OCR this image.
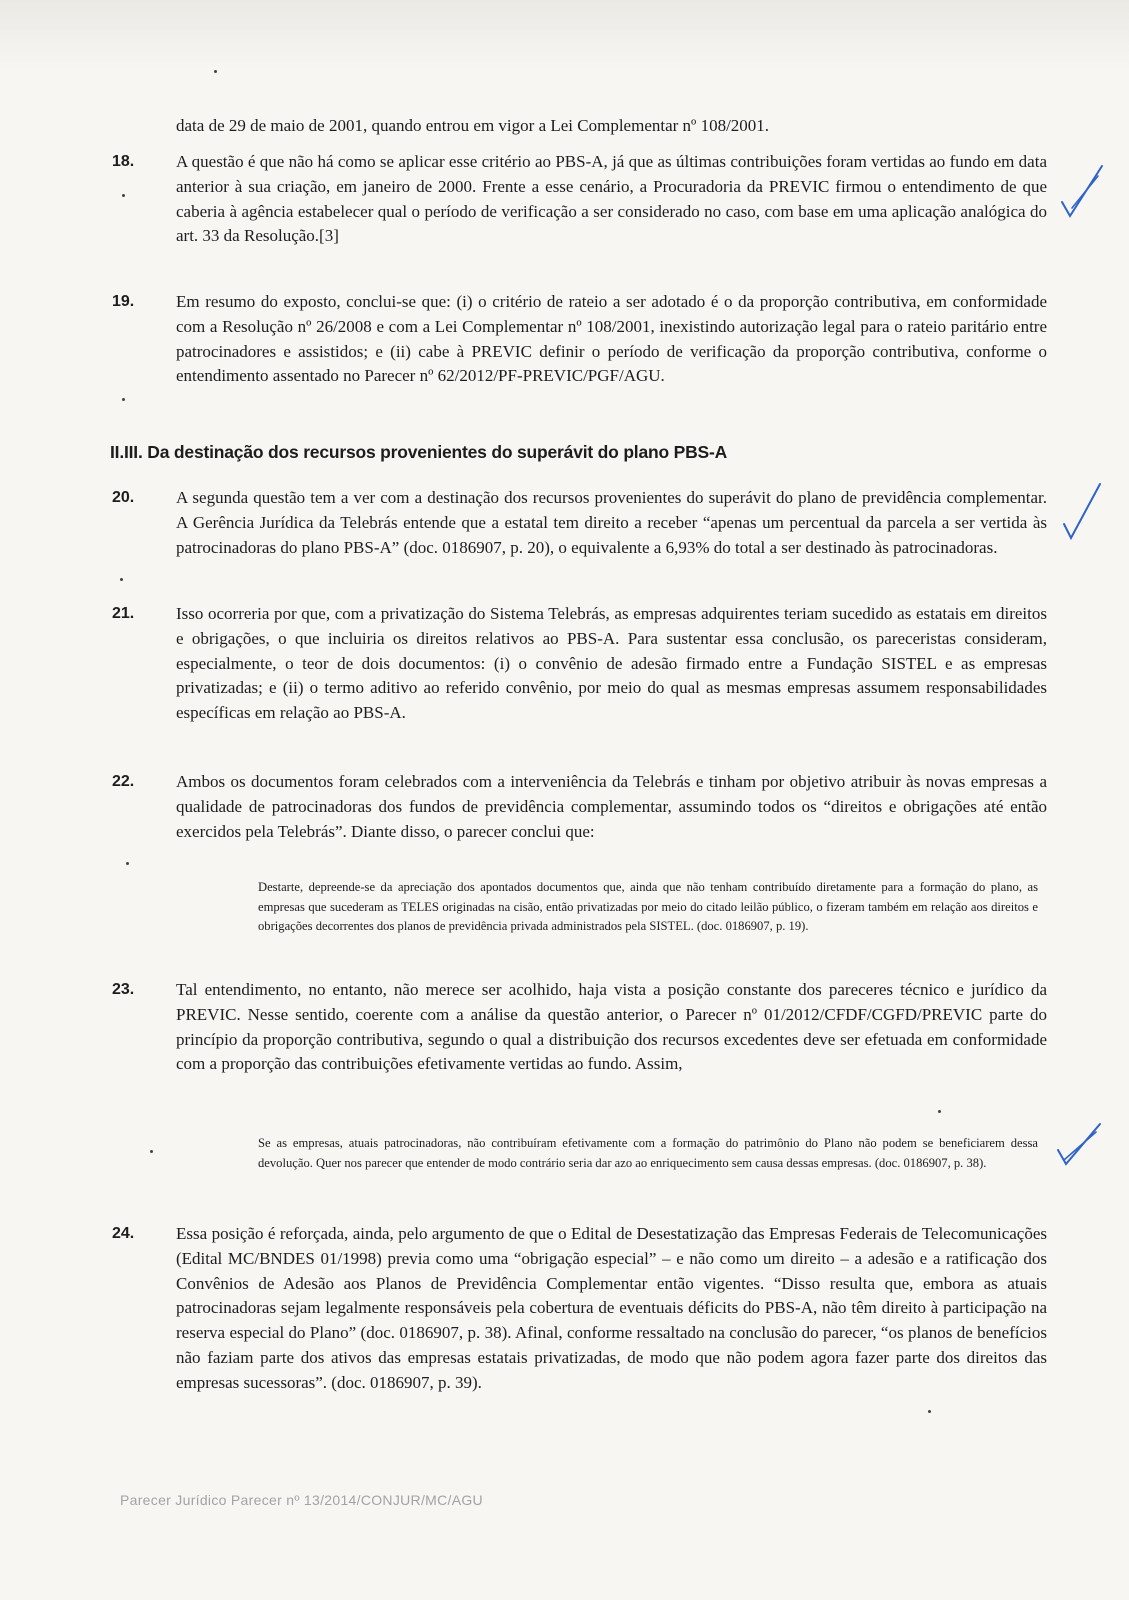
data de 29 de maio de 2001, quando entrou em vigor a Lei Complementar nº 108/2001.

18.	A questão é que não há como se aplicar esse critério ao PBS-A, já que as últimas contribuições foram vertidas ao fundo em data anterior à sua criação, em janeiro de 2000. Frente a esse cenário, a Procuradoria da PREVIC firmou o entendimento de que caberia à agência estabelecer qual o período de verificação a ser considerado no caso, com base em uma aplicação analógica do art. 33 da Resolução.[3]

19.	Em resumo do exposto, conclui-se que: (i) o critério de rateio a ser adotado é o da proporção contributiva, em conformidade com a Resolução nº 26/2008 e com a Lei Complementar nº 108/2001, inexistindo autorização legal para o rateio paritário entre patrocinadores e assistidos; e (ii) cabe à PREVIC definir o período de verificação da proporção contributiva, conforme o entendimento assentado no Parecer nº 62/2012/PF-PREVIC/PGF/AGU.

II.III. Da destinação dos recursos provenientes do superávit do plano PBS-A

20.	A segunda questão tem a ver com a destinação dos recursos provenientes do superávit do plano de previdência complementar. A Gerência Jurídica da Telebrás entende que a estatal tem direito a receber “apenas um percentual da parcela a ser vertida às patrocinadoras do plano PBS-A” (doc. 0186907, p. 20), o equivalente a 6,93% do total a ser destinado às patrocinadoras.

21.	Isso ocorreria por que, com a privatização do Sistema Telebrás, as empresas adquirentes teriam sucedido as estatais em direitos e obrigações, o que incluiria os direitos relativos ao PBS-A. Para sustentar essa conclusão, os pareceristas consideram, especialmente, o teor de dois documentos: (i) o convênio de adesão firmado entre a Fundação SISTEL e as empresas privatizadas; e (ii) o termo aditivo ao referido convênio, por meio do qual as mesmas empresas assumem responsabilidades específicas em relação ao PBS-A.

22.	Ambos os documentos foram celebrados com a interveniência da Telebrás e tinham por objetivo atribuir às novas empresas a qualidade de patrocinadoras dos fundos de previdência complementar, assumindo todos os “direitos e obrigações até então exercidos pela Telebrás”. Diante disso, o parecer conclui que:

Destarte, depreende-se da apreciação dos apontados documentos que, ainda que não tenham contribuído diretamente para a formação do plano, as empresas que sucederam as TELES originadas na cisão, então privatizadas por meio do citado leilão público, o fizeram também em relação aos direitos e obrigações decorrentes dos planos de previdência privada administrados pela SISTEL. (doc. 0186907, p. 19).

23.	Tal entendimento, no entanto, não merece ser acolhido, haja vista a posição constante dos pareceres técnico e jurídico da PREVIC. Nesse sentido, coerente com a análise da questão anterior, o Parecer nº 01/2012/CFDF/CGFD/PREVIC parte do princípio da proporção contributiva, segundo o qual a distribuição dos recursos excedentes deve ser efetuada em conformidade com a proporção das contribuições efetivamente vertidas ao fundo. Assim,

Se as empresas, atuais patrocinadoras, não contribuíram efetivamente com a formação do patrimônio do Plano não podem se beneficiarem dessa devolução. Quer nos parecer que entender de modo contrário seria dar azo ao enriquecimento sem causa dessas empresas. (doc. 0186907, p. 38).

24.	Essa posição é reforçada, ainda, pelo argumento de que o Edital de Desestatização das Empresas Federais de Telecomunicações (Edital MC/BNDES 01/1998) previa como uma “obrigação especial” – e não como um direito – a adesão e a ratificação dos Convênios de Adesão aos Planos de Previdência Complementar então vigentes. “Disso resulta que, embora as atuais patrocinadoras sejam legalmente responsáveis pela cobertura de eventuais déficits do PBS-A, não têm direito à participação na reserva especial do Plano” (doc. 0186907, p. 38). Afinal, conforme ressaltado na conclusão do parecer, “os planos de benefícios não faziam parte dos ativos das empresas estatais privatizadas, de modo que não podem agora fazer parte dos direitos das empresas sucessoras”. (doc. 0186907, p. 39).

Parecer Jurídico Parecer nº 13/2014/CONJUR/MC/AGU
